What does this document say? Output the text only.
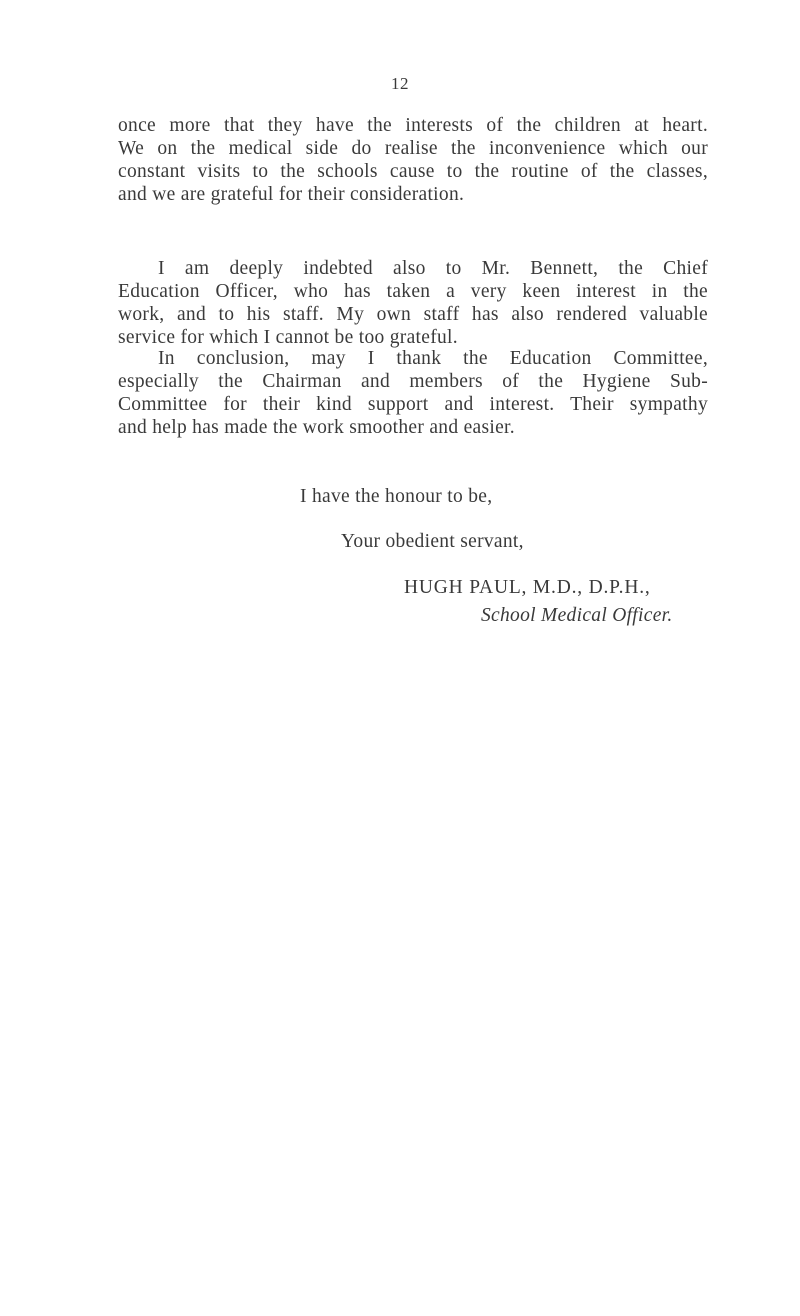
12

once more that they have the interests of the children at heart.
We on the medical side do realise the inconvenience which our
constant visits to the schools cause to the routine of the classes,
and we are grateful for their consideration.

I am deeply indebted also to Mr. Bennett, the Chief
Education Officer, who has taken a very keen interest in the
work, and to his staff. My own staff has also rendered valuable
service for which I cannot be too grateful.

In conclusion, may I thank the Education Committee,
especially the Chairman and members of the Hygiene Sub-
Committee for their kind support and interest. Their sympathy
and help has made the work smoother and easier.

I have the honour to be,
Your obedient servant,
HUGH PAUL, M.D., D.P.H.,
School Medical Officer.
